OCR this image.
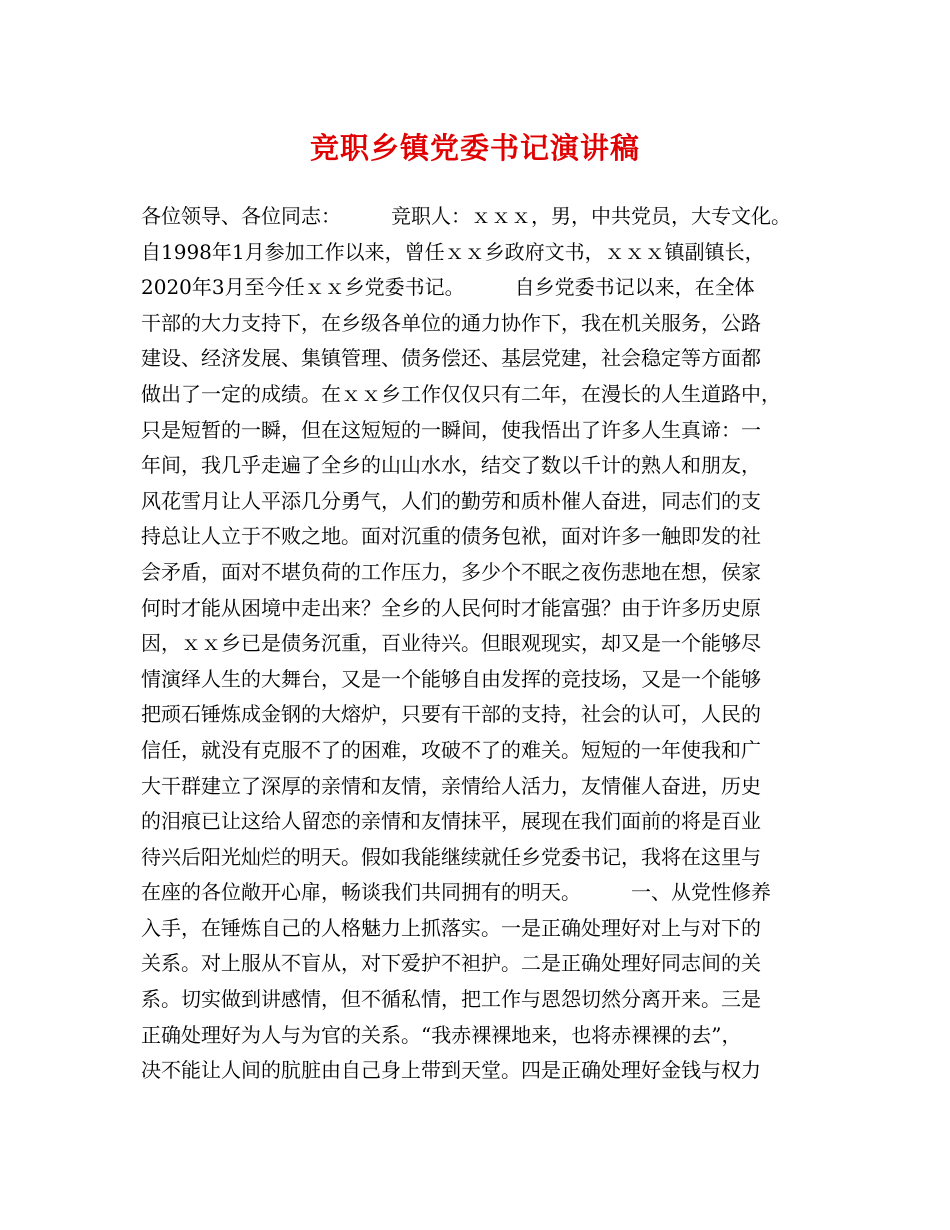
竞职乡镇党委书记演讲稿
各位领导、各位同志：　　　竞职人：ｘｘｘ，男，中共党员，大专文化。
自1998年1月参加工作以来，曾任ｘｘ乡政府文书，ｘｘｘ镇副镇长，
2020年3月至今任ｘｘ乡党委书记。　　　自乡党委书记以来，在全体
干部的大力支持下，在乡级各单位的通力协作下，我在机关服务，公路
建设、经济发展、集镇管理、债务偿还、基层党建，社会稳定等方面都
做出了一定的成绩。在ｘｘ乡工作仅仅只有二年，在漫长的人生道路中，
只是短暂的一瞬，但在这短短的一瞬间，使我悟出了许多人生真谛：一
年间，我几乎走遍了全乡的山山水水，结交了数以千计的熟人和朋友，
风花雪月让人平添几分勇气，人们的勤劳和质朴催人奋进，同志们的支
持总让人立于不败之地。面对沉重的债务包袱，面对许多一触即发的社
会矛盾，面对不堪负荷的工作压力，多少个不眠之夜伤悲地在想，侯家
何时才能从困境中走出来？全乡的人民何时才能富强？由于许多历史原
因，ｘｘ乡已是债务沉重，百业待兴。但眼观现实，却又是一个能够尽
情演绎人生的大舞台，又是一个能够自由发挥的竞技场，又是一个能够
把顽石锤炼成金钢的大熔炉，只要有干部的支持，社会的认可，人民的
信任，就没有克服不了的困难，攻破不了的难关。短短的一年使我和广
大干群建立了深厚的亲情和友情，亲情给人活力，友情催人奋进，历史
的泪痕已让这给人留恋的亲情和友情抹平，展现在我们面前的将是百业
待兴后阳光灿烂的明天。假如我能继续就任乡党委书记，我将在这里与
在座的各位敞开心扉，畅谈我们共同拥有的明天。　　　一、从党性修养
入手，在锤炼自己的人格魅力上抓落实。一是正确处理好对上与对下的
关系。对上服从不盲从，对下爱护不袒护。二是正确处理好同志间的关
系。切实做到讲感情，但不循私情，把工作与恩怨切然分离开来。三是
正确处理好为人与为官的关系。“我赤裸裸地来，也将赤裸裸的去”，
决不能让人间的肮脏由自己身上带到天堂。四是正确处理好金钱与权力
